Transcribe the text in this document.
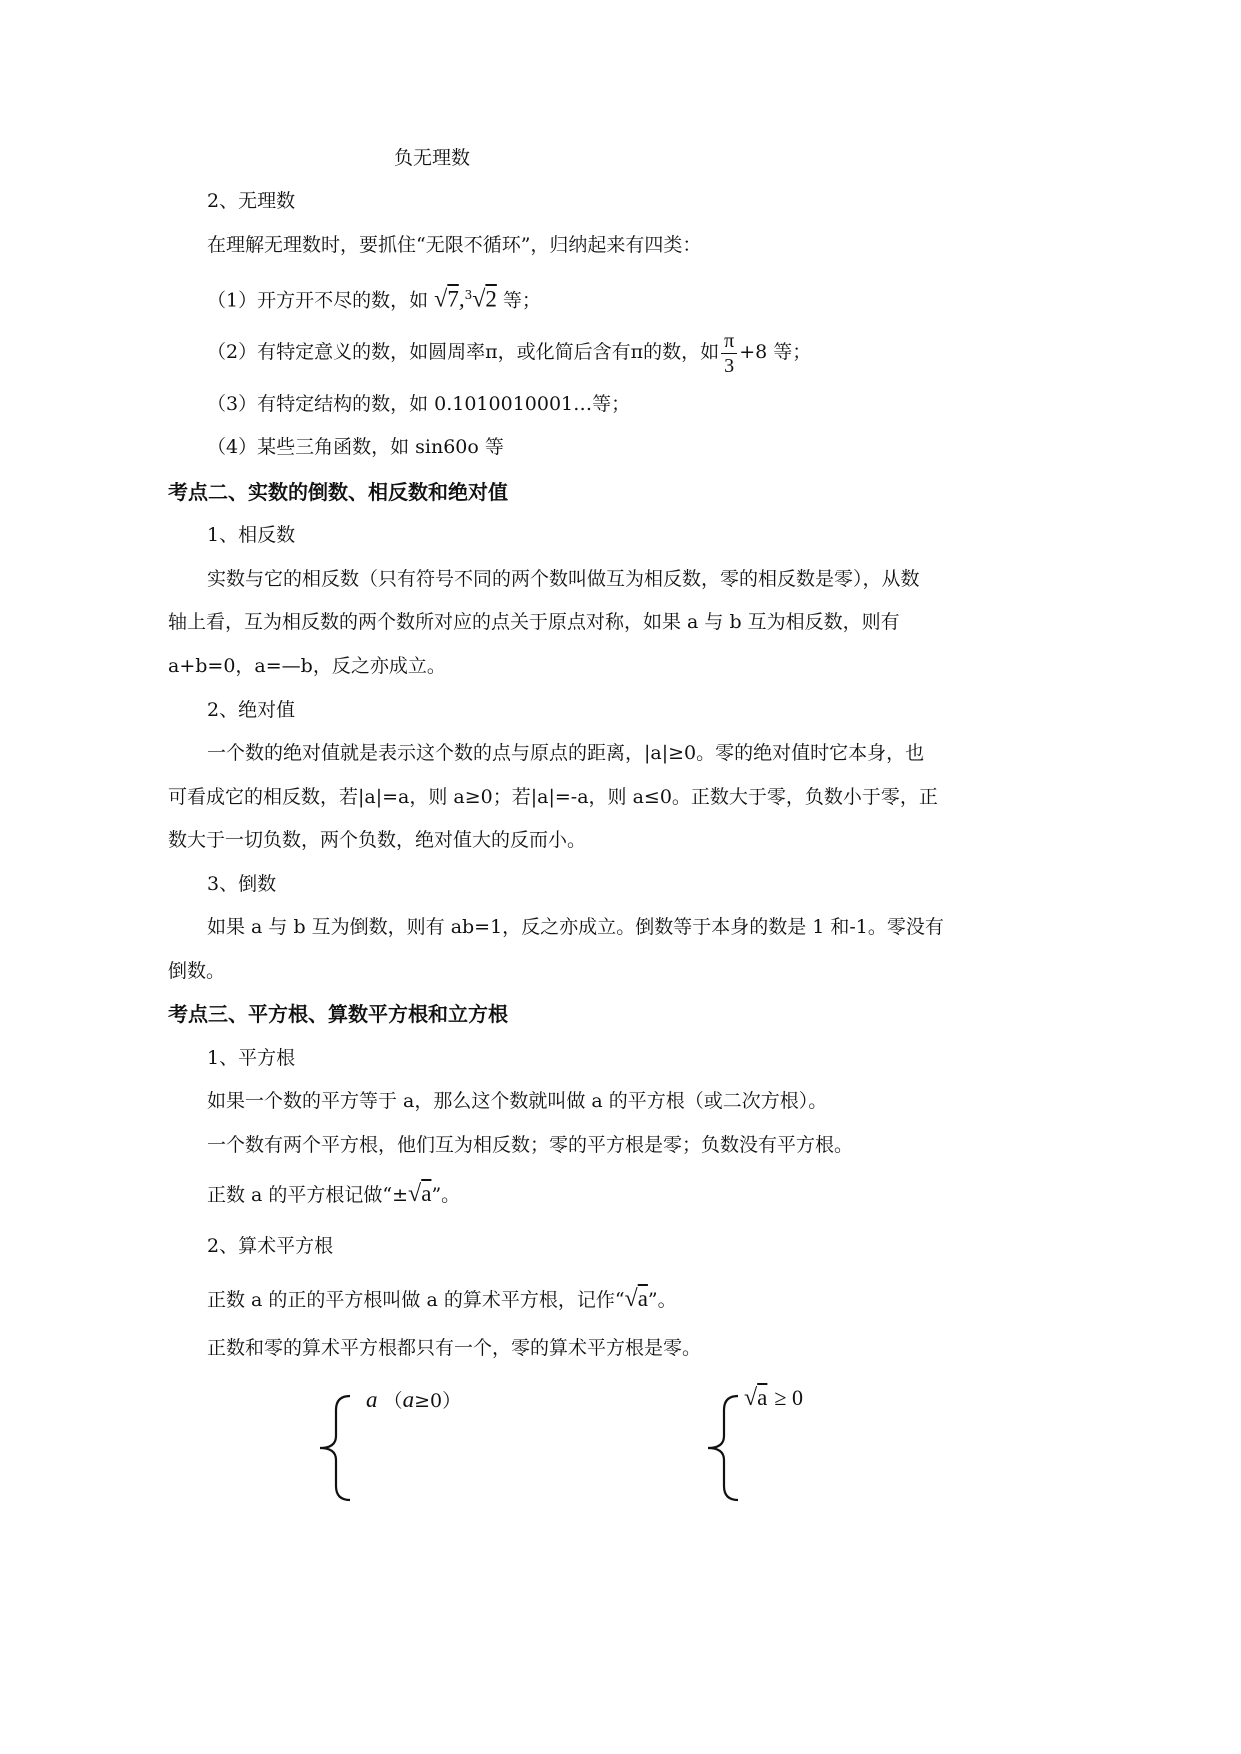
负无理数
2、无理数
在理解无理数时，要抓住“无限不循环”，归纳起来有四类：
（1）开方开不尽的数，如 √7,$^3$√2 等；
（2）有特定意义的数，如圆周率π，或化简后含有π的数，如 $\frac{\pi}{3} +8$ 等；
（3）有特定结构的数，如 0.1010010001…等；
（4）某些三角函数，如 sin60o 等
考点二、实数的倒数、相反数和绝对值
1、相反数
实数与它的相反数（只有符号不同的两个数叫做互为相反数，零的相反数是零），从数
轴上看，互为相反数的两个数所对应的点关于原点对称，如果 a 与 b 互为相反数，则有
a+b=0，a=—b，反之亦成立。
2、绝对值
一个数的绝对值就是表示这个数的点与原点的距离，|a|≥0。零的绝对值时它本身，也
可看成它的相反数，若|a|=a，则 a≥0；若|a|=-a，则 a≤0。正数大于零，负数小于零，正
数大于一切负数，两个负数，绝对值大的反而小。
3、倒数
如果 a 与 b 互为倒数，则有 ab=1，反之亦成立。倒数等于本身的数是 1 和-1。零没有
倒数。
考点三、平方根、算数平方根和立方根
1、平方根
如果一个数的平方等于 a，那么这个数就叫做 a 的平方根（或二次方根）。
一个数有两个平方根，他们互为相反数；零的平方根是零；负数没有平方根。
正数 a 的平方根记做“±√a”。
2、算术平方根
正数 a 的正的平方根叫做 a 的算术平方根，记作“√a”。
正数和零的算术平方根都只有一个，零的算术平方根是零。
a （a≥0）	√a ≥ 0
